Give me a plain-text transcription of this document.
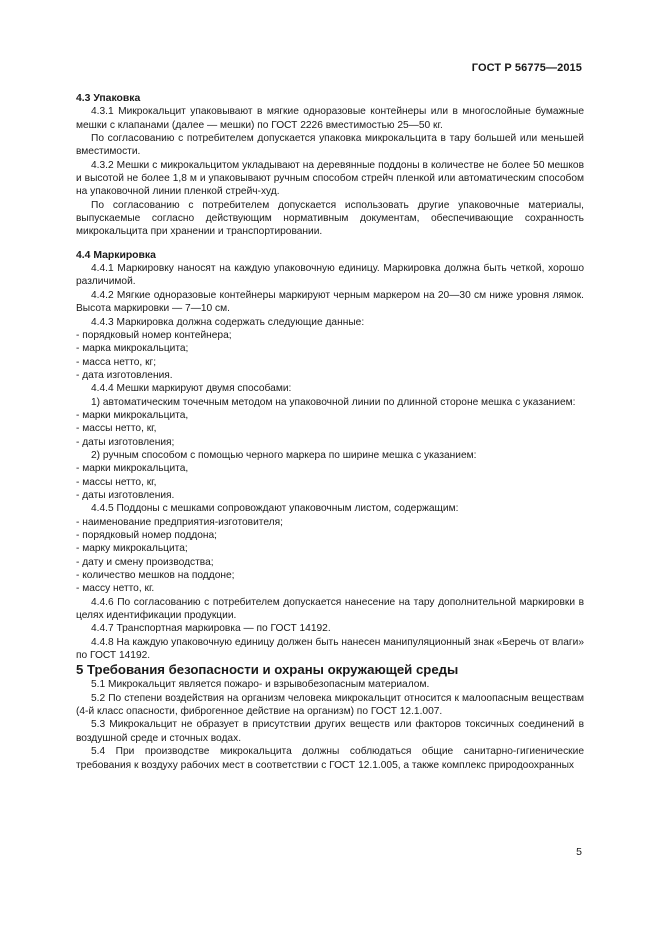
ГОСТ Р 56775—2015

4.3 Упаковка

4.3.1 Микрокальцит упаковывают в мягкие одноразовые контейнеры или в многослойные бумажные мешки с клапанами (далее — мешки) по ГОСТ 2226 вместимостью 25—50 кг.

По согласованию с потребителем допускается упаковка микрокальцита в тару большей или меньшей вместимости.

4.3.2 Мешки с микрокальцитом укладывают на деревянные поддоны в количестве не более 50 мешков и высотой не более 1,8 м и упаковывают ручным способом стрейч пленкой или автоматическим способом на упаковочной линии пленкой стрейч-худ.

По согласованию с потребителем допускается использовать другие упаковочные материалы, выпускаемые согласно действующим нормативным документам, обеспечивающие сохранность микрокальцита при хранении и транспортировании.

4.4 Маркировка

4.4.1 Маркировку наносят на каждую упаковочную единицу. Маркировка должна быть четкой, хорошо различимой.

4.4.2 Мягкие одноразовые контейнеры маркируют черным маркером на 20—30 см ниже уровня лямок. Высота маркировки — 7—10 см.

4.4.3 Маркировка должна содержать следующие данные:

- порядковый номер контейнера;

- марка микрокальцита;

- масса нетто, кг;

- дата изготовления.

4.4.4 Мешки маркируют двумя способами:

1) автоматическим точечным методом на упаковочной линии по длинной стороне мешка с указанием:

- марки микрокальцита,

- массы нетто, кг,

- даты изготовления;

2) ручным способом с помощью черного маркера по ширине мешка с указанием:

- марки микрокальцита,

- массы нетто, кг,

- даты изготовления.

4.4.5 Поддоны с мешками сопровождают упаковочным листом, содержащим:

- наименование предприятия-изготовителя;

- порядковый номер поддона;

- марку микрокальцита;

- дату и смену производства;

- количество мешков на поддоне;

- массу нетто, кг.

4.4.6 По согласованию с потребителем допускается нанесение на тару дополнительной маркировки в целях идентификации продукции.

4.4.7 Транспортная маркировка — по ГОСТ 14192.

4.4.8 На каждую упаковочную единицу должен быть нанесен манипуляционный знак «Беречь от влаги» по ГОСТ 14192.

5 Требования безопасности и охраны окружающей среды

5.1 Микрокальцит является пожаро- и взрывобезопасным материалом.

5.2 По степени воздействия на организм человека микрокальцит относится к малоопасным веществам (4-й класс опасности, фиброгенное действие на организм) по ГОСТ 12.1.007.

5.3 Микрокальцит не образует в присутствии других веществ или факторов токсичных соединений в воздушной среде и сточных водах.

5.4 При производстве микрокальцита должны соблюдаться общие санитарно-гигиенические требования к воздуху рабочих мест в соответствии с ГОСТ 12.1.005, а также комплекс природоохранных

5
